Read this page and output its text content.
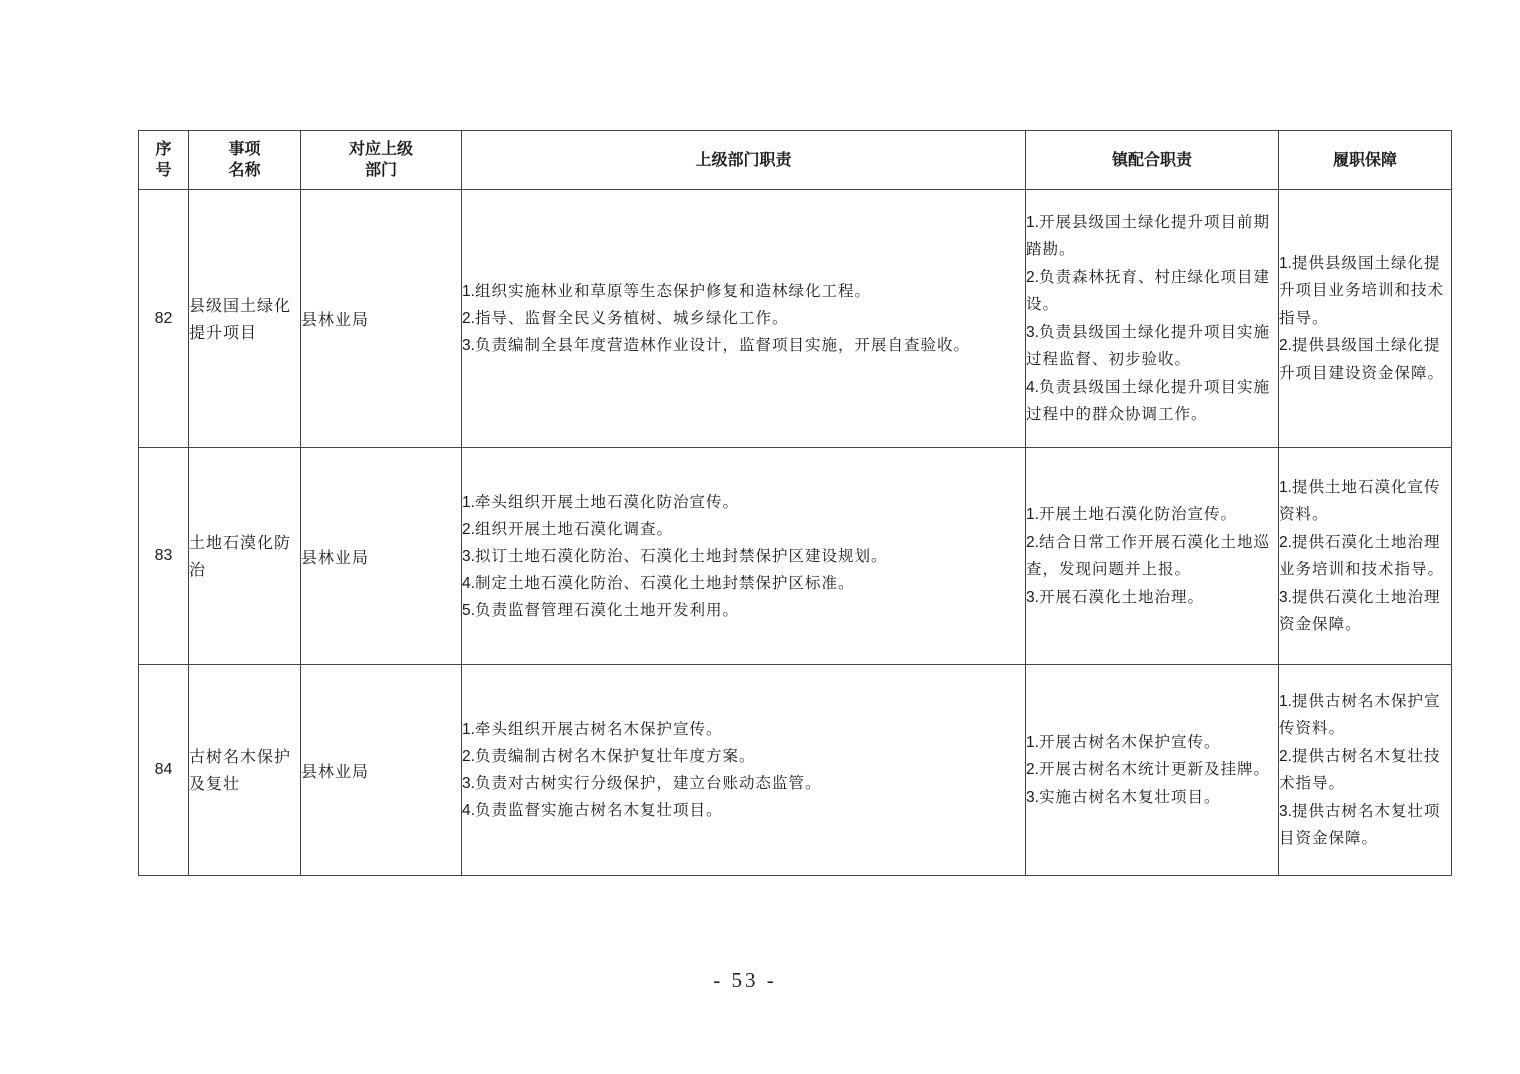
序
号	事项
名称	对应上级
部门	上级部门职责	镇配合职责	履职保障

82	县级国土绿化提升项目	县林业局	1.组织实施林业和草原等生态保护修复和造林绿化工程。
2.指导、监督全民义务植树、城乡绿化工作。
3.负责编制全县年度营造林作业设计，监督项目实施，开展自查验收。	1.开展县级国土绿化提升项目前期踏勘。
2.负责森林抚育、村庄绿化项目建设。
3.负责县级国土绿化提升项目实施过程监督、初步验收。
4.负责县级国土绿化提升项目实施过程中的群众协调工作。	1.提供县级国土绿化提升项目业务培训和技术指导。
2.提供县级国土绿化提升项目建设资金保障。

83	土地石漠化防治	县林业局	1.牵头组织开展土地石漠化防治宣传。
2.组织开展土地石漠化调查。
3.拟订土地石漠化防治、石漠化土地封禁保护区建设规划。
4.制定土地石漠化防治、石漠化土地封禁保护区标准。
5.负责监督管理石漠化土地开发利用。	1.开展土地石漠化防治宣传。
2.结合日常工作开展石漠化土地巡查，发现问题并上报。
3.开展石漠化土地治理。	1.提供土地石漠化宣传资料。
2.提供石漠化土地治理业务培训和技术指导。
3.提供石漠化土地治理资金保障。

84	古树名木保护及复壮	县林业局	1.牵头组织开展古树名木保护宣传。
2.负责编制古树名木保护复壮年度方案。
3.负责对古树实行分级保护，建立台账动态监管。
4.负责监督实施古树名木复壮项目。	1.开展古树名木保护宣传。
2.开展古树名木统计更新及挂牌。
3.实施古树名木复壮项目。	1.提供古树名木保护宣传资料。
2.提供古树名木复壮技术指导。
3.提供古树名木复壮项目资金保障。
- 53 -
